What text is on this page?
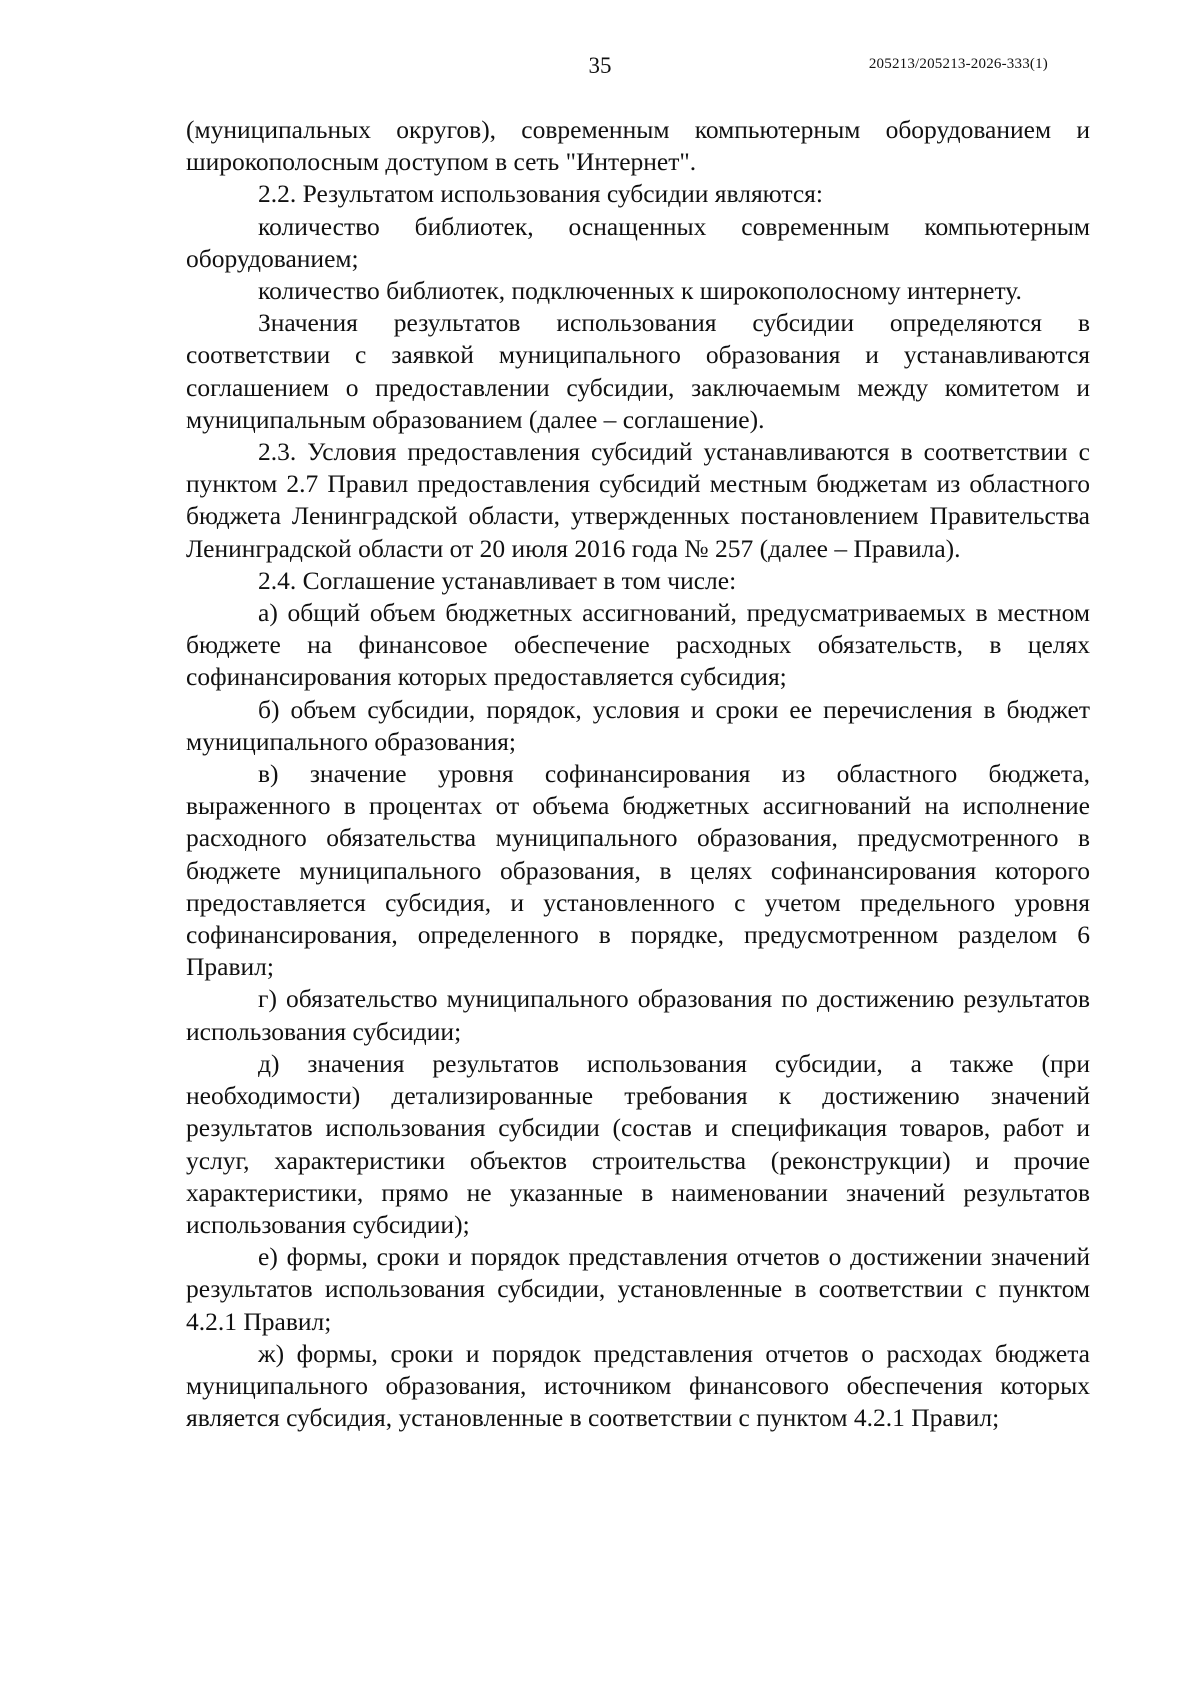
35	205213/205213-2026-333(1)

(муниципальных округов), современным компьютерным оборудованием и широкополосным доступом в сеть "Интернет".

2.2. Результатом использования субсидии являются:

количество библиотек, оснащенных современным компьютерным оборудованием;

количество библиотек, подключенных к широкополосному интернету.

Значения результатов использования субсидии определяются в соответствии с заявкой муниципального образования и устанавливаются соглашением о предоставлении субсидии, заключаемым между комитетом и муниципальным образованием (далее – соглашение).

2.3. Условия предоставления субсидий устанавливаются в соответствии с пунктом 2.7 Правил предоставления субсидий местным бюджетам из областного бюджета Ленинградской области, утвержденных постановлением Правительства Ленинградской области от 20 июля 2016 года № 257 (далее – Правила).

2.4. Соглашение устанавливает в том числе:

а) общий объем бюджетных ассигнований, предусматриваемых в местном бюджете на финансовое обеспечение расходных обязательств, в целях софинансирования которых предоставляется субсидия;

б) объем субсидии, порядок, условия и сроки ее перечисления в бюджет муниципального образования;

в) значение уровня софинансирования из областного бюджета, выраженного в процентах от объема бюджетных ассигнований на исполнение расходного обязательства муниципального образования, предусмотренного в бюджете муниципального образования, в целях софинансирования которого предоставляется субсидия, и установленного с учетом предельного уровня софинансирования, определенного в порядке, предусмотренном разделом 6 Правил;

г) обязательство муниципального образования по достижению результатов использования субсидии;

д) значения результатов использования субсидии, а также (при необходимости) детализированные требования к достижению значений результатов использования субсидии (состав и спецификация товаров, работ и услуг, характеристики объектов строительства (реконструкции) и прочие характеристики, прямо не указанные в наименовании значений результатов использования субсидии);

е) формы, сроки и порядок представления отчетов о достижении значений результатов использования субсидии, установленные в соответствии с пунктом 4.2.1 Правил;

ж) формы, сроки и порядок представления отчетов о расходах бюджета муниципального образования, источником финансового обеспечения которых является субсидия, установленные в соответствии с пунктом 4.2.1 Правил;
